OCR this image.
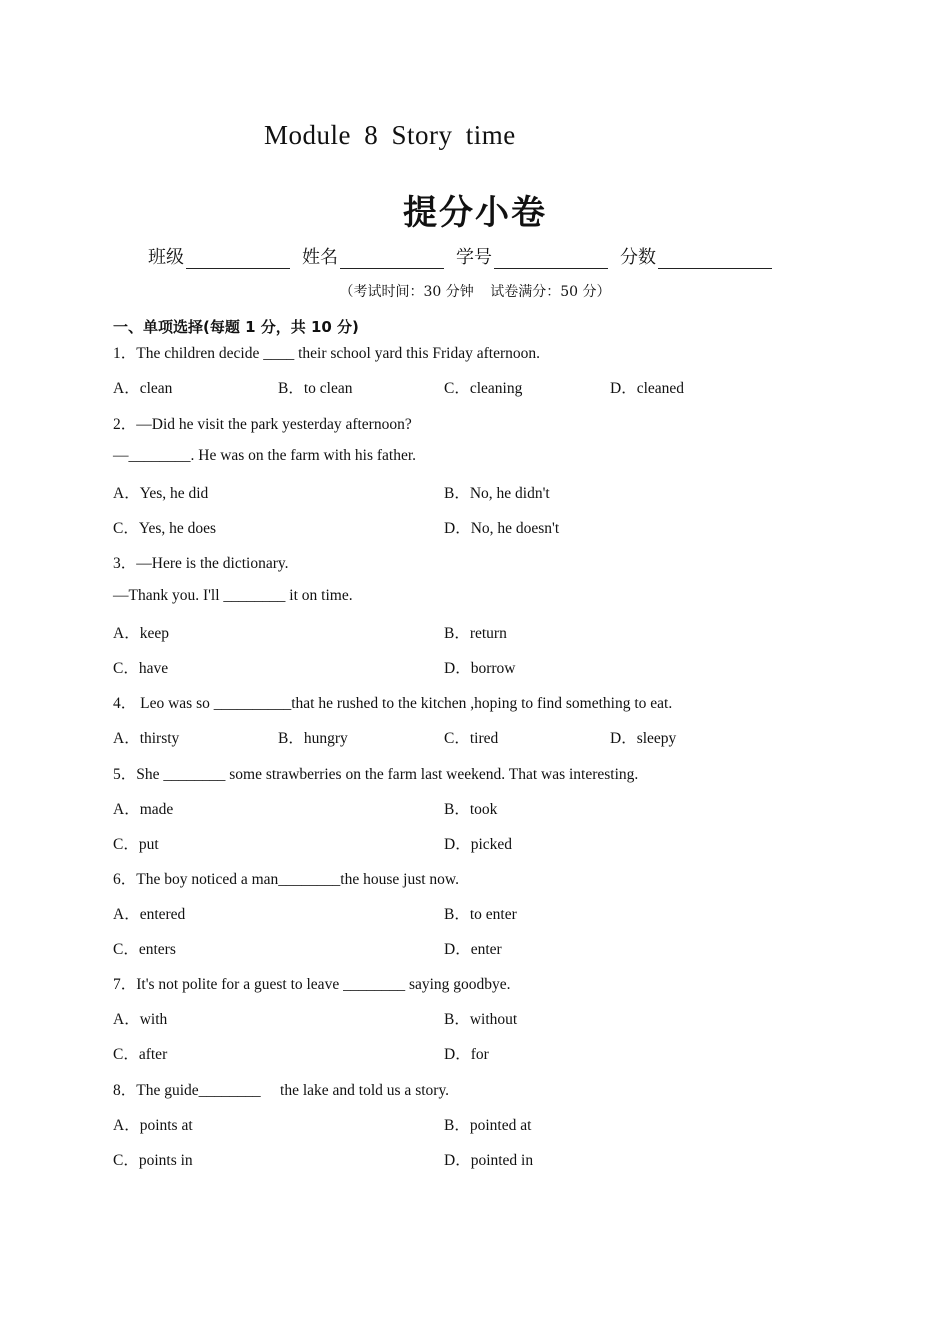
Module 8 Story time
提分小卷
班级	姓名	学号	分数
（考试时间：30 分钟 试卷满分：50 分）
一、单项选择(每题 1 分，共 10 分)
1．The children decide ____ their school yard this Friday afternoon.
A．clean	B．to clean	C．cleaning	D．cleaned
2．—Did he visit the park yesterday afternoon?
—________. He was on the farm with his father.
A．Yes, he did	B．No, he didn't
C．Yes, he does	D．No, he doesn't
3．—Here is the dictionary.
—Thank you. I'll ________ it on time.
A．keep	B．return
C．have	D．borrow
4． Leo was so __________that he rushed to the kitchen ,hoping to find something to eat.
A．thirsty	B．hungry	C．tired	D．sleepy
5．She ________ some strawberries on the farm last weekend. That was interesting.
A．made	B．took
C．put	D．picked
6．The boy noticed a man________the house just now.
A．entered	B．to enter
C．enters	D．enter
7．It's not polite for a guest to leave ________ saying goodbye.
A．with	B．without
C．after	D．for
8．The guide________     the lake and told us a story.
A．points at	B．pointed at
C．points in	D．pointed in
